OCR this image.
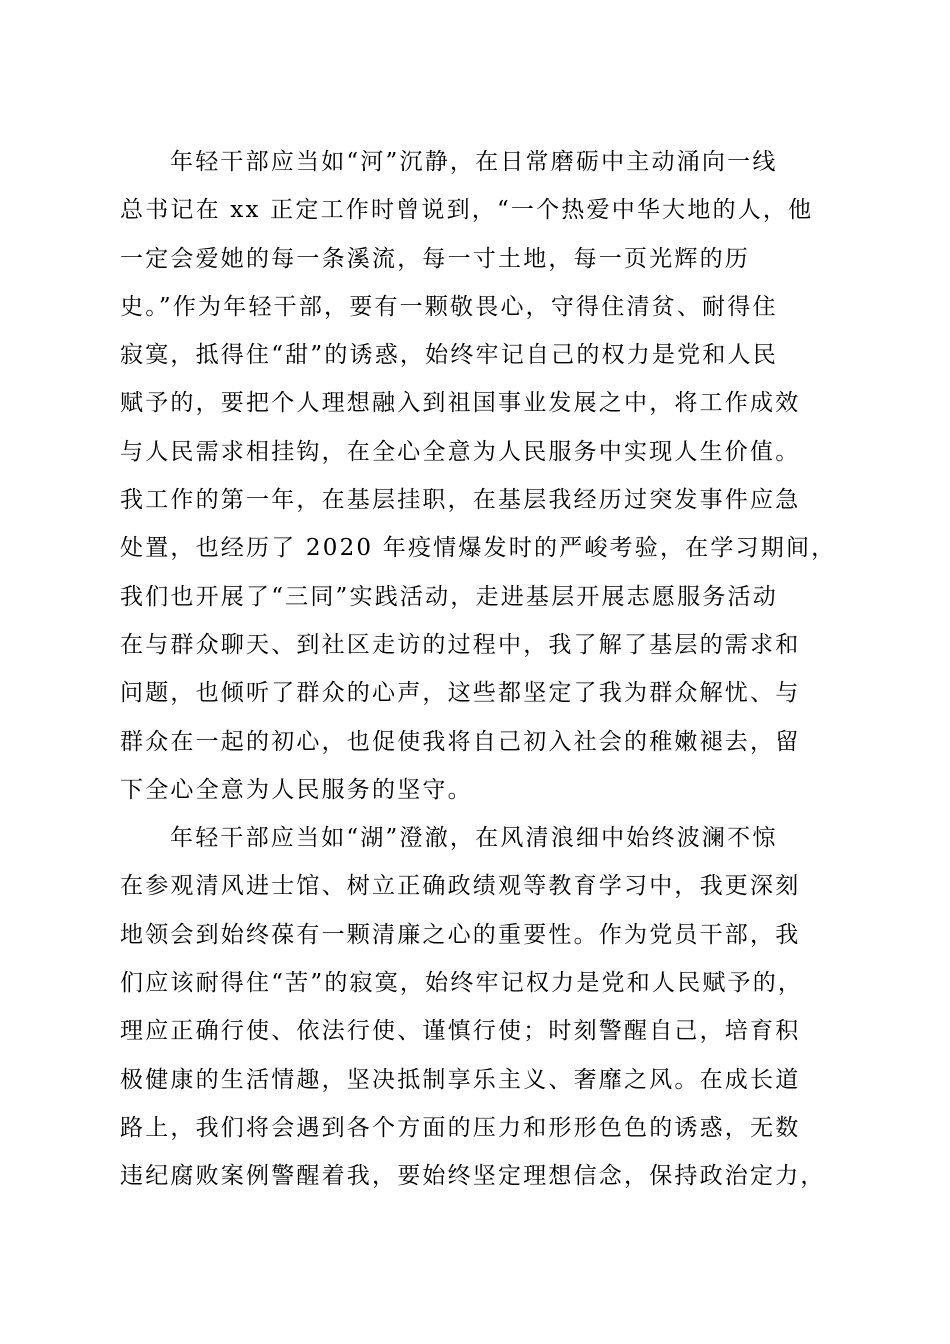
年轻干部应当如“河”沉静，在日常磨砺中主动涌向一线
总书记在 xx 正定工作时曾说到，“一个热爱中华大地的人，他
一定会爱她的每一条溪流，每一寸土地，每一页光辉的历
史。”作为年轻干部，要有一颗敬畏心，守得住清贫、耐得住
寂寞，抵得住“甜”的诱惑，始终牢记自己的权力是党和人民
赋予的，要把个人理想融入到祖国事业发展之中，将工作成效
与人民需求相挂钩，在全心全意为人民服务中实现人生价值。
我工作的第一年，在基层挂职，在基层我经历过突发事件应急
处置，也经历了 2020 年疫情爆发时的严峻考验，在学习期间，
我们也开展了“三同”实践活动，走进基层开展志愿服务活动
在与群众聊天、到社区走访的过程中，我了解了基层的需求和
问题，也倾听了群众的心声，这些都坚定了我为群众解忧、与
群众在一起的初心，也促使我将自己初入社会的稚嫩褪去，留
下全心全意为人民服务的坚守。
年轻干部应当如“湖”澄澈，在风清浪细中始终波澜不惊
在参观清风进士馆、树立正确政绩观等教育学习中，我更深刻
地领会到始终葆有一颗清廉之心的重要性。作为党员干部，我
们应该耐得住“苦”的寂寞，始终牢记权力是党和人民赋予的，
理应正确行使、依法行使、谨慎行使；时刻警醒自己，培育积
极健康的生活情趣，坚决抵制享乐主义、奢靡之风。在成长道
路上，我们将会遇到各个方面的压力和形形色色的诱惑，无数
违纪腐败案例警醒着我，要始终坚定理想信念，保持政治定力，
